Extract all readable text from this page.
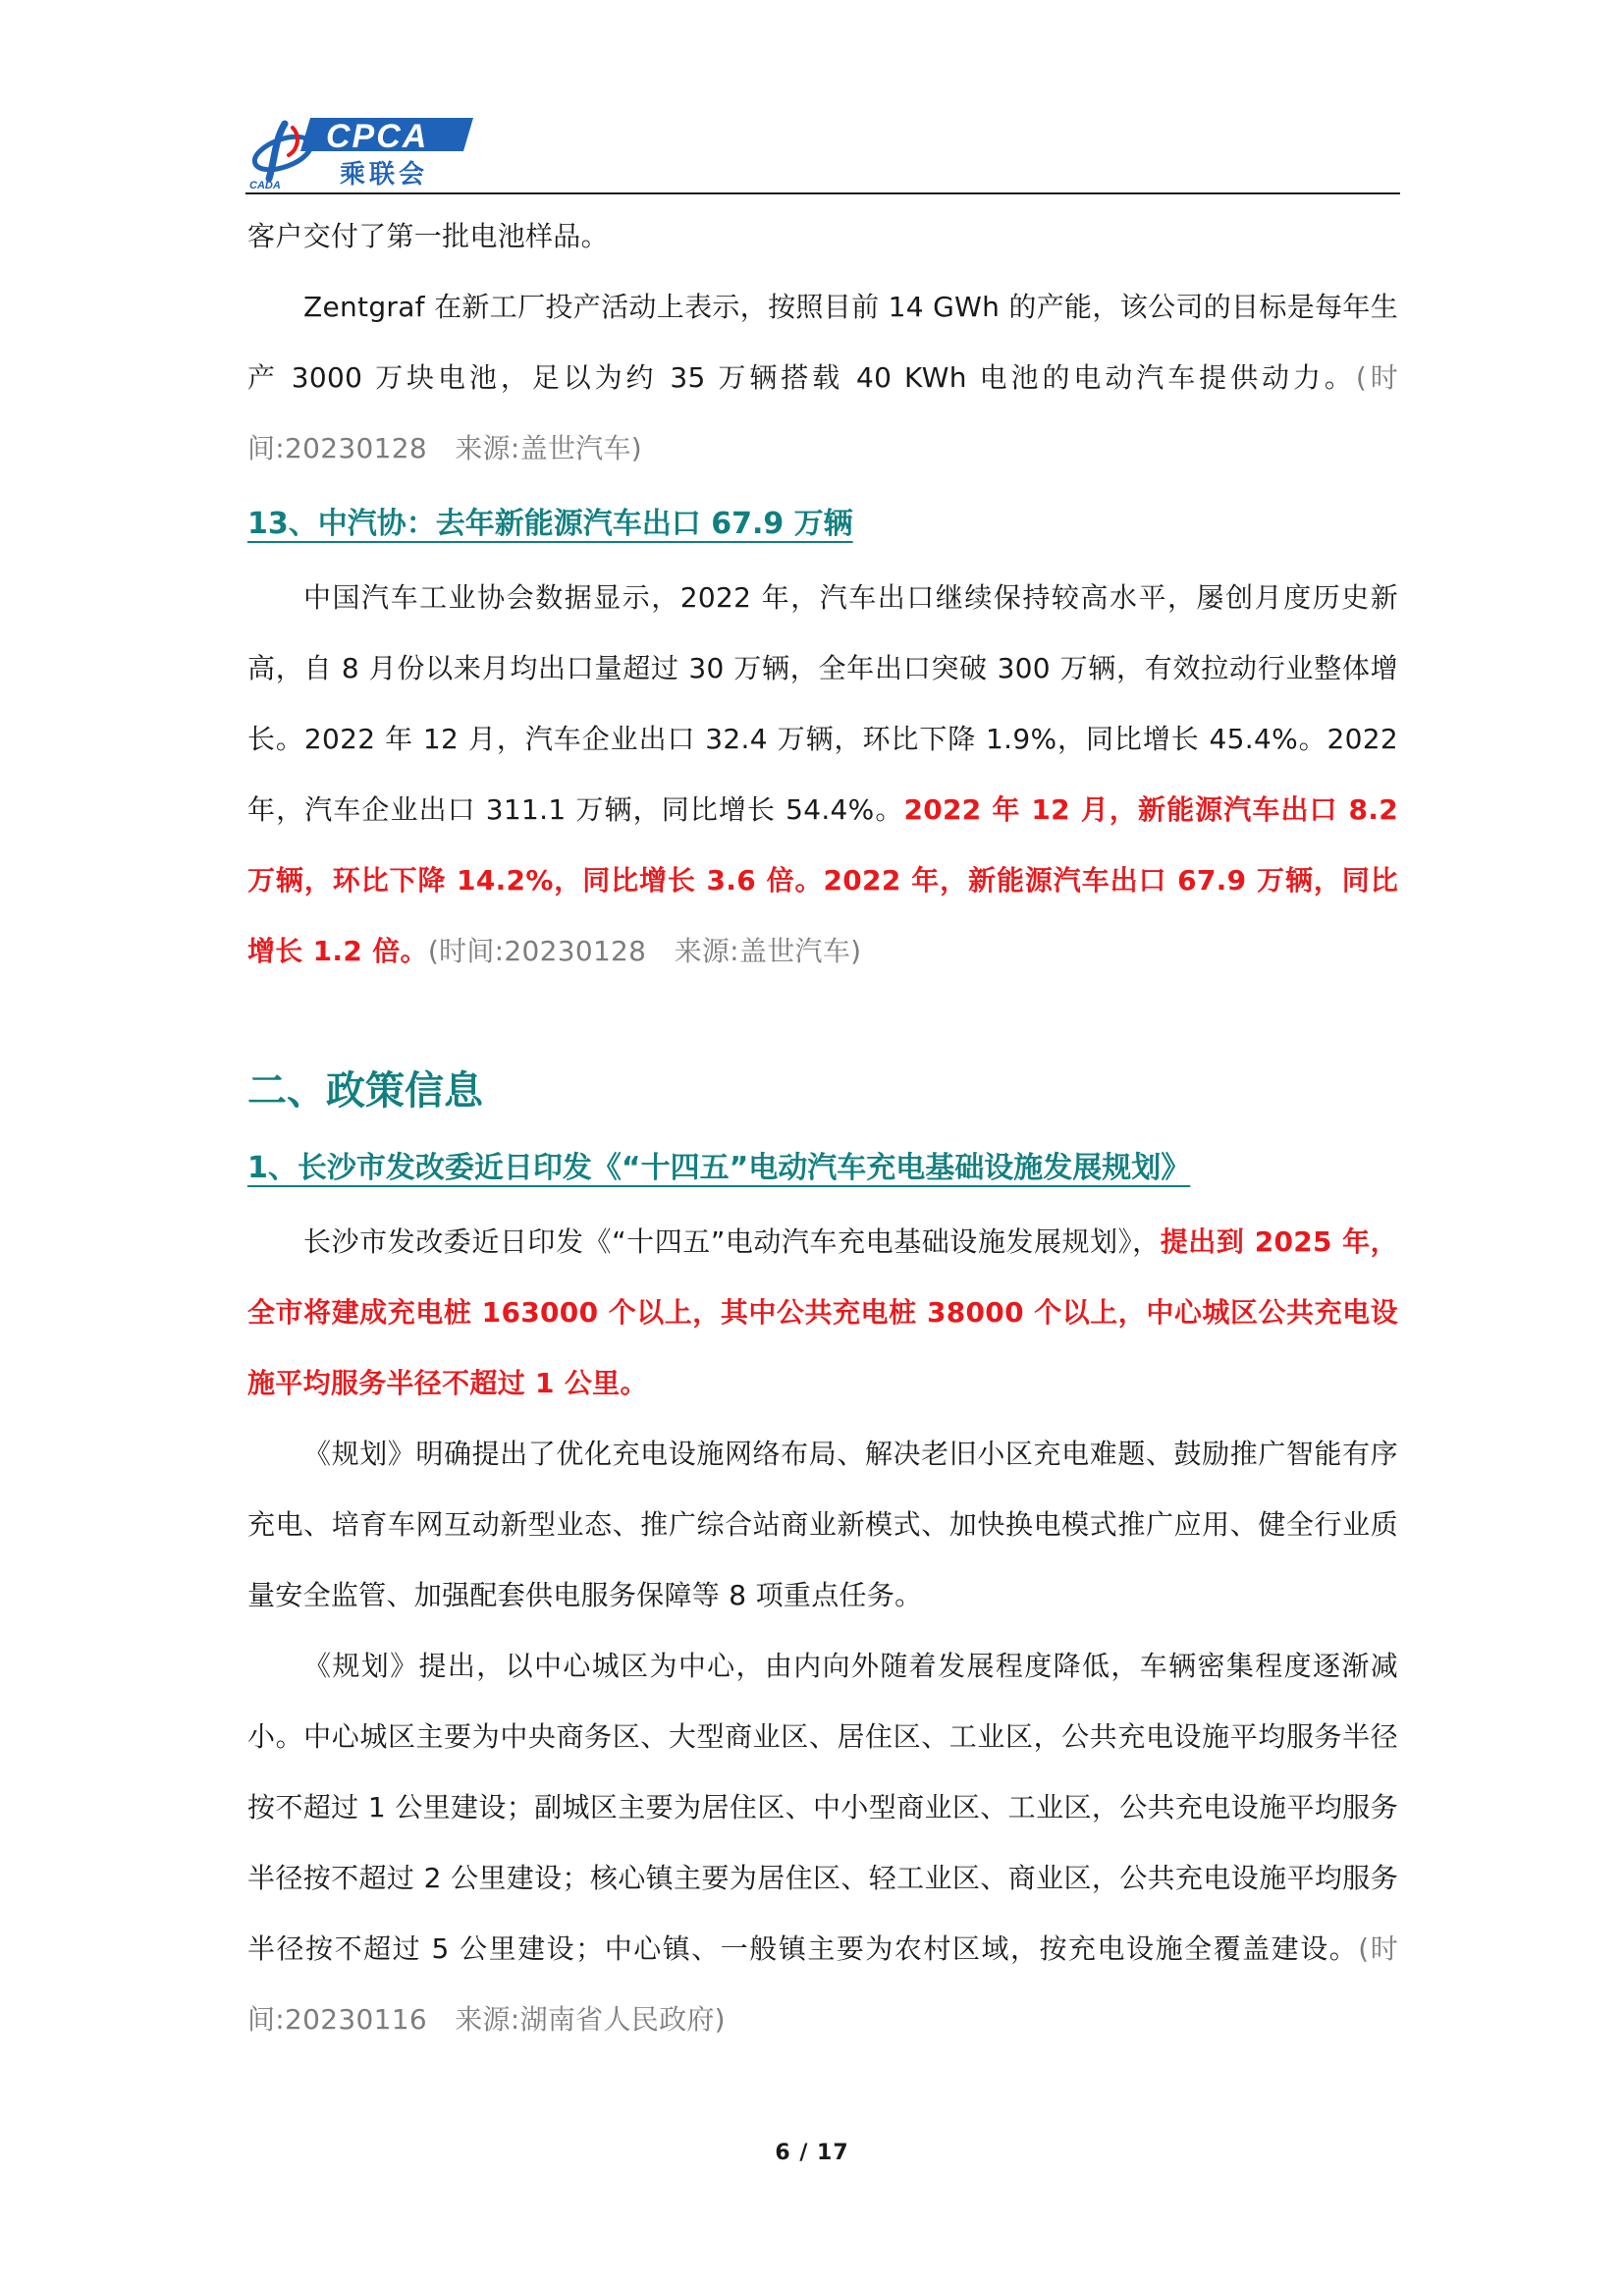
CPCA
乘联会
CADA

客户交付了第一批电池样品。

Zentgraf 在新工厂投产活动上表示，按照目前 14 GWh 的产能，该公司的目标是每年生产 3000 万块电池，足以为约 35 万辆搭载 40 KWh 电池的电动汽车提供动力。(时间:20230128　来源:盖世汽车)

13、中汽协：去年新能源汽车出口 67.9 万辆

中国汽车工业协会数据显示，2022 年，汽车出口继续保持较高水平，屡创月度历史新高，自 8 月份以来月均出口量超过 30 万辆，全年出口突破 300 万辆，有效拉动行业整体增长。2022 年 12 月，汽车企业出口 32.4 万辆，环比下降 1.9%，同比增长 45.4%。2022 年，汽车企业出口 311.1 万辆，同比增长 54.4%。2022 年 12 月，新能源汽车出口 8.2 万辆，环比下降 14.2%，同比增长 3.6 倍。2022 年，新能源汽车出口 67.9 万辆，同比增长 1.2 倍。(时间:20230128　来源:盖世汽车)

二、政策信息
1、长沙市发改委近日印发《“十四五”电动汽车充电基础设施发展规划》

长沙市发改委近日印发《“十四五”电动汽车充电基础设施发展规划》，提出到 2025 年，全市将建成充电桩 163000 个以上，其中公共充电桩 38000 个以上，中心城区公共充电设施平均服务半径不超过 1 公里。

《规划》明确提出了优化充电设施网络布局、解决老旧小区充电难题、鼓励推广智能有序充电、培育车网互动新型业态、推广综合站商业新模式、加快换电模式推广应用、健全行业质量安全监管、加强配套供电服务保障等 8 项重点任务。

《规划》提出，以中心城区为中心，由内向外随着发展程度降低，车辆密集程度逐渐减小。中心城区主要为中央商务区、大型商业区、居住区、工业区，公共充电设施平均服务半径按不超过 1 公里建设；副城区主要为居住区、中小型商业区、工业区，公共充电设施平均服务半径按不超过 2 公里建设；核心镇主要为居住区、轻工业区、商业区，公共充电设施平均服务半径按不超过 5 公里建设；中心镇、一般镇主要为农村区域，按充电设施全覆盖建设。(时间:20230116　来源:湖南省人民政府)

6 / 17
